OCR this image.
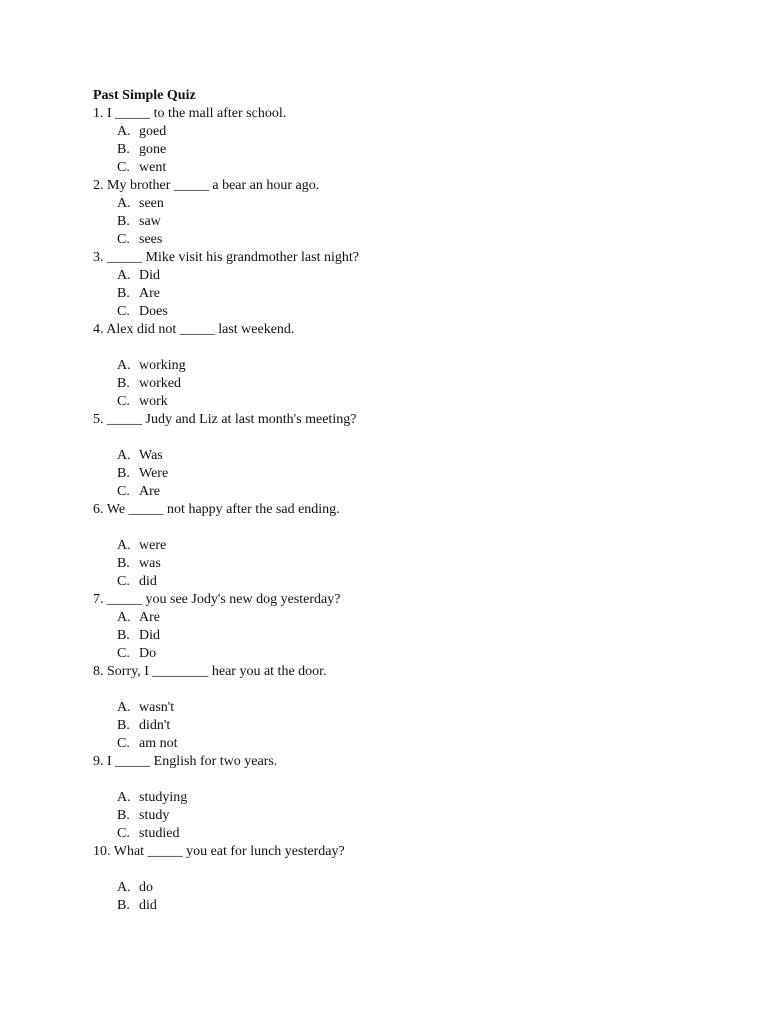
Past Simple Quiz
1. I _____ to the mall after school.
A. goed
B. gone
C. went
2. My brother _____ a bear an hour ago.
A. seen
B. saw
C. sees
3. _____ Mike visit his grandmother last night?
A. Did
B. Are
C. Does
4. Alex did not _____ last weekend.
A. working
B. worked
C. work
5. _____ Judy and Liz at last month's meeting?
A. Was
B. Were
C. Are
6. We _____ not happy after the sad ending.
A. were
B. was
C. did
7. _____ you see Jody's new dog yesterday?
A. Are
B. Did
C. Do
8. Sorry, I ________ hear you at the door.
A. wasn't
B. didn't
C. am not
9. I _____ English for two years.
A. studying
B. study
C. studied
10. What _____ you eat for lunch yesterday?
A. do
B. did
